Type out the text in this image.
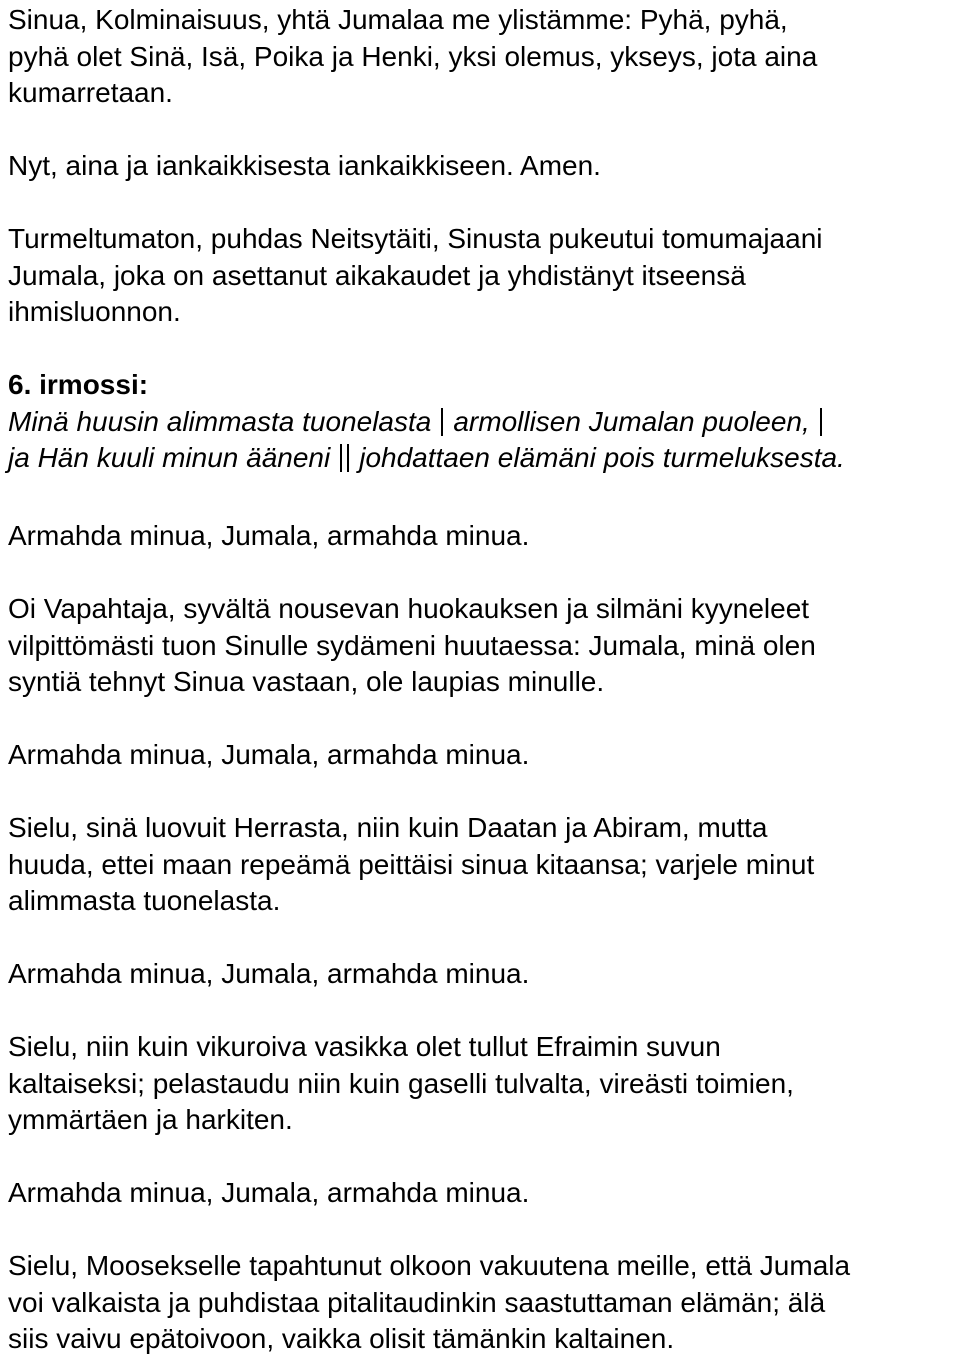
Sinua, Kolminaisuus, yhtä Jumalaa me ylistämme: Pyhä, pyhä,
pyhä olet Sinä, Isä, Poika ja Henki, yksi olemus, ykseys, jota aina
kumarretaan.
Nyt, aina ja iankaikkisesta iankaikkiseen. Amen.
Turmeltumaton, puhdas Neitsytäiti, Sinusta pukeutui tomumajaani
Jumala, joka on asettanut aikakaudet ja yhdistänyt itseensä
ihmisluonnon.
6. irmossi:
Minä huusin alimmasta tuonelasta armollisen Jumalan puoleen,
ja Hän kuuli minun ääneni johdattaen elämäni pois turmeluksesta.
Armahda minua, Jumala, armahda minua.
Oi Vapahtaja, syvältä nousevan huokauksen ja silmäni kyyneleet
vilpittömästi tuon Sinulle sydämeni huutaessa: Jumala, minä olen
syntiä tehnyt Sinua vastaan, ole laupias minulle.
Armahda minua, Jumala, armahda minua.
Sielu, sinä luovuit Herrasta, niin kuin Daatan ja Abiram, mutta
huuda, ettei maan repeämä peittäisi sinua kitaansa; varjele minut
alimmasta tuonelasta.
Armahda minua, Jumala, armahda minua.
Sielu, niin kuin vikuroiva vasikka olet tullut Efraimin suvun
kaltaiseksi; pelastaudu niin kuin gaselli tulvalta, vireästi toimien,
ymmärtäen ja harkiten.
Armahda minua, Jumala, armahda minua.
Sielu, Moosekselle tapahtunut olkoon vakuutena meille, että Jumala
voi valkaista ja puhdistaa pitalitaudinkin saastuttaman elämän; älä
siis vaivu epätoivoon, vaikka olisit tämänkin kaltainen.
